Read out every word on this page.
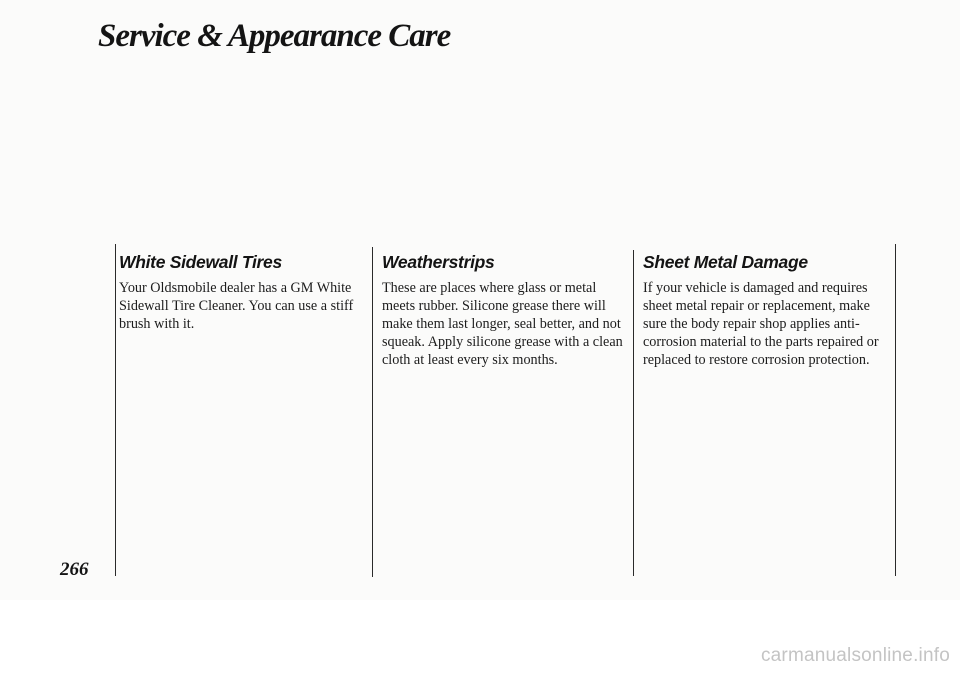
Service & Appearance Care
White Sidewall Tires

Your Oldsmobile dealer has a GM White Sidewall Tire Cleaner. You can use a stiff brush with it.

Weatherstrips

These are places where glass or metal meets rubber. Silicone grease there will make them last longer, seal better, and not squeak. Apply silicone grease with a clean cloth at least every six months.

Sheet Metal Damage

If your vehicle is damaged and requires sheet metal repair or replacement, make sure the body repair shop applies anti-corrosion material to the parts repaired or replaced to restore corrosion protection.

266
carmanualsonline.info
